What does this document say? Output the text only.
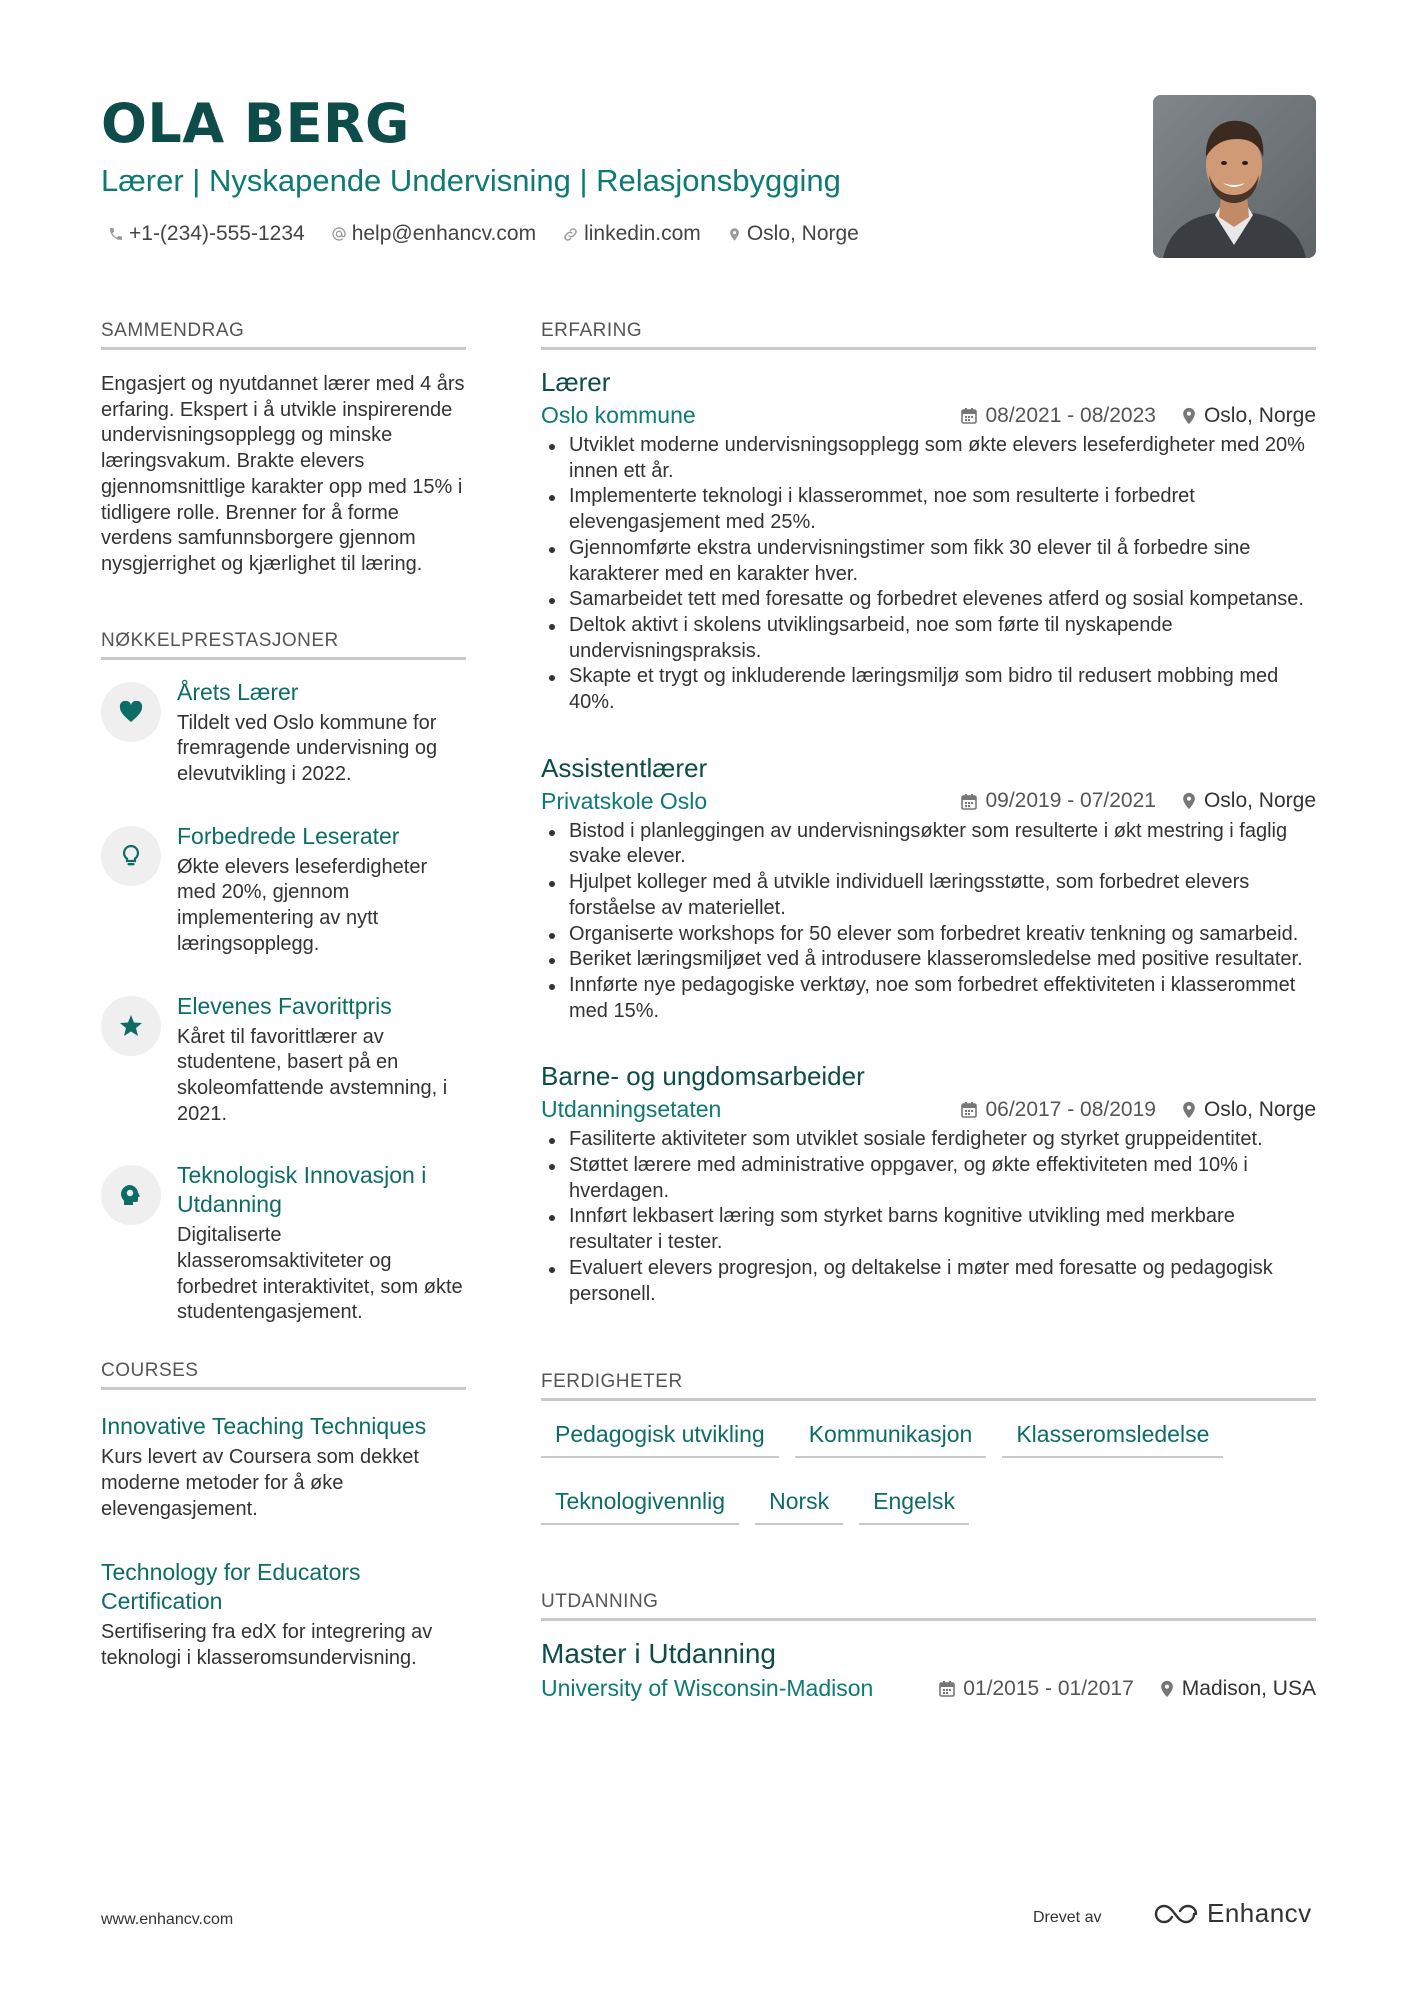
OLA BERG
Lærer | Nyskapende Undervisning | Relasjonsbygging
+1-(234)-555-1234 help@enhancv.com linkedin.com Oslo, Norge
SAMMENDRAG
Engasjert og nyutdannet lærer med 4 års erfaring. Ekspert i å utvikle inspirerende undervisningsopplegg og minske læringsvakum. Brakte elevers gjennomsnittlige karakter opp med 15% i tidligere rolle. Brenner for å forme verdens samfunnsborgere gjennom nysgjerrighet og kjærlighet til læring.
NØKKELPRESTASJONER
Årets Lærer
Tildelt ved Oslo kommune for fremragende undervisning og elevutvikling i 2022.
Forbedrede Leserater
Økte elevers leseferdigheter med 20%, gjennom implementering av nytt læringsopplegg.
Elevenes Favorittpris
Kåret til favorittlærer av studentene, basert på en skoleomfattende avstemning, i 2021.
Teknologisk Innovasjon i Utdanning
Digitaliserte klasseromsaktiviteter og forbedret interaktivitet, som økte studentengasjement.
COURSES
Innovative Teaching Techniques
Kurs levert av Coursera som dekket moderne metoder for å øke elevengasjement.
Technology for Educators Certification
Sertifisering fra edX for integrering av teknologi i klasseromsundervisning.
ERFARING
Lærer
Oslo kommune	08/2021 - 08/2023 Oslo, Norge
Utviklet moderne undervisningsopplegg som økte elevers leseferdigheter med 20% innen ett år.
Implementerte teknologi i klasserommet, noe som resulterte i forbedret elevengasjement med 25%.
Gjennomførte ekstra undervisningstimer som fikk 30 elever til å forbedre sine karakterer med en karakter hver.
Samarbeidet tett med foresatte og forbedret elevenes atferd og sosial kompetanse.
Deltok aktivt i skolens utviklingsarbeid, noe som førte til nyskapende undervisningspraksis.
Skapte et trygt og inkluderende læringsmiljø som bidro til redusert mobbing med 40%.
Assistentlærer
Privatskole Oslo	09/2019 - 07/2021 Oslo, Norge
Bistod i planleggingen av undervisningsøkter som resulterte i økt mestring i faglig svake elever.
Hjulpet kolleger med å utvikle individuell læringsstøtte, som forbedret elevers forståelse av materiellet.
Organiserte workshops for 50 elever som forbedret kreativ tenkning og samarbeid.
Beriket læringsmiljøet ved å introdusere klasseromsledelse med positive resultater.
Innførte nye pedagogiske verktøy, noe som forbedret effektiviteten i klasserommet med 15%.
Barne- og ungdomsarbeider
Utdanningsetaten	06/2017 - 08/2019 Oslo, Norge
Fasiliterte aktiviteter som utviklet sosiale ferdigheter og styrket gruppeidentitet.
Støttet lærere med administrative oppgaver, og økte effektiviteten med 10% i hverdagen.
Innført lekbasert læring som styrket barns kognitive utvikling med merkbare resultater i tester.
Evaluert elevers progresjon, og deltakelse i møter med foresatte og pedagogisk personell.
FERDIGHETER
Pedagogisk utvikling	Kommunikasjon	Klasseromsledelse
Teknologivennlig	Norsk	Engelsk
UTDANNING
Master i Utdanning
University of Wisconsin-Madison	01/2015 - 01/2017 Madison, USA
www.enhancv.com	Drevet av	Enhancv
